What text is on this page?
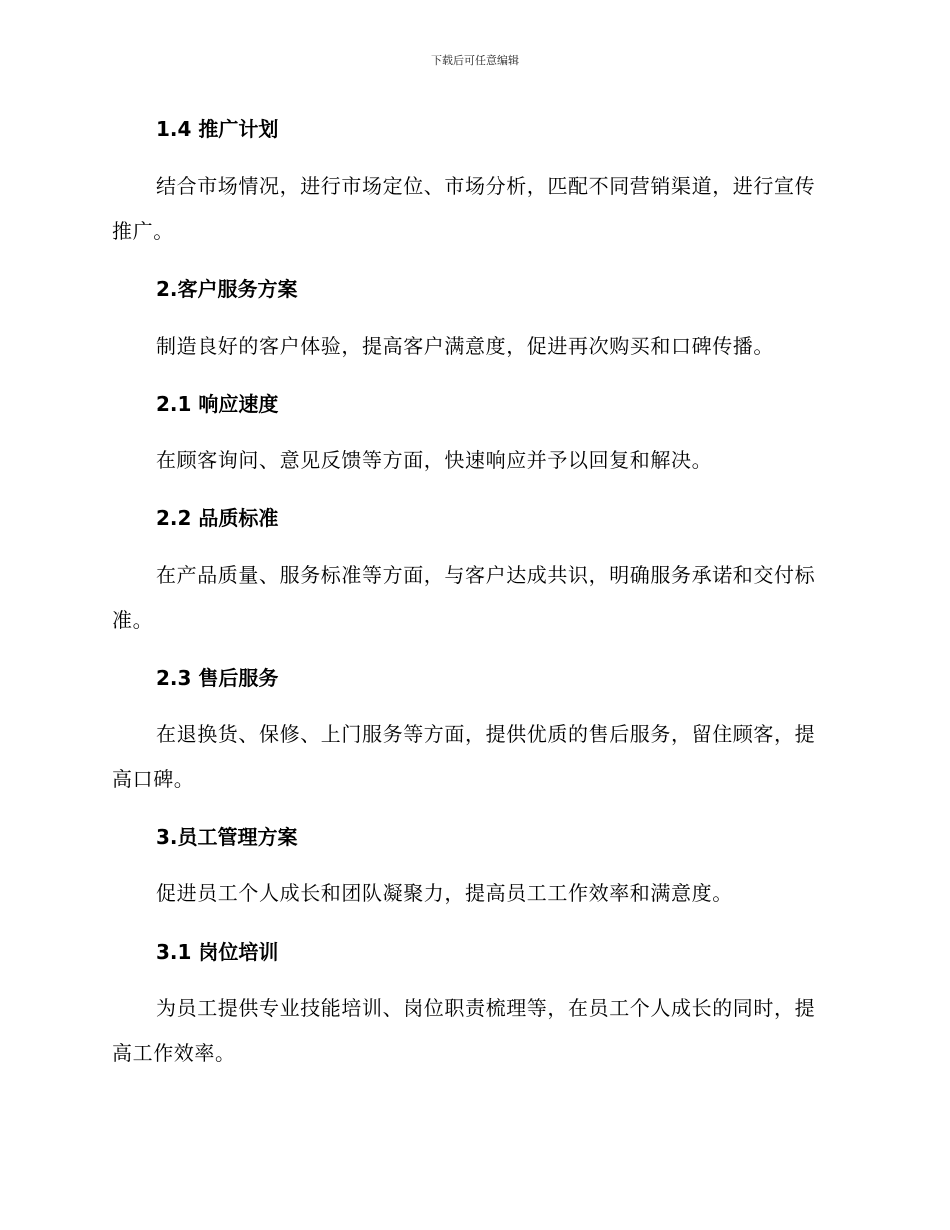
下载后可任意编辑
1.4 推广计划
结合市场情况，进行市场定位、市场分析，匹配不同营销渠道，进行宣传推广。
2.客户服务方案
制造良好的客户体验，提高客户满意度，促进再次购买和口碑传播。
2.1 响应速度
在顾客询问、意见反馈等方面，快速响应并予以回复和解决。
2.2 品质标准
在产品质量、服务标准等方面，与客户达成共识，明确服务承诺和交付标准。
2.3 售后服务
在退换货、保修、上门服务等方面，提供优质的售后服务，留住顾客，提高口碑。
3.员工管理方案
促进员工个人成长和团队凝聚力，提高员工工作效率和满意度。
3.1 岗位培训
为员工提供专业技能培训、岗位职责梳理等，在员工个人成长的同时，提高工作效率。
